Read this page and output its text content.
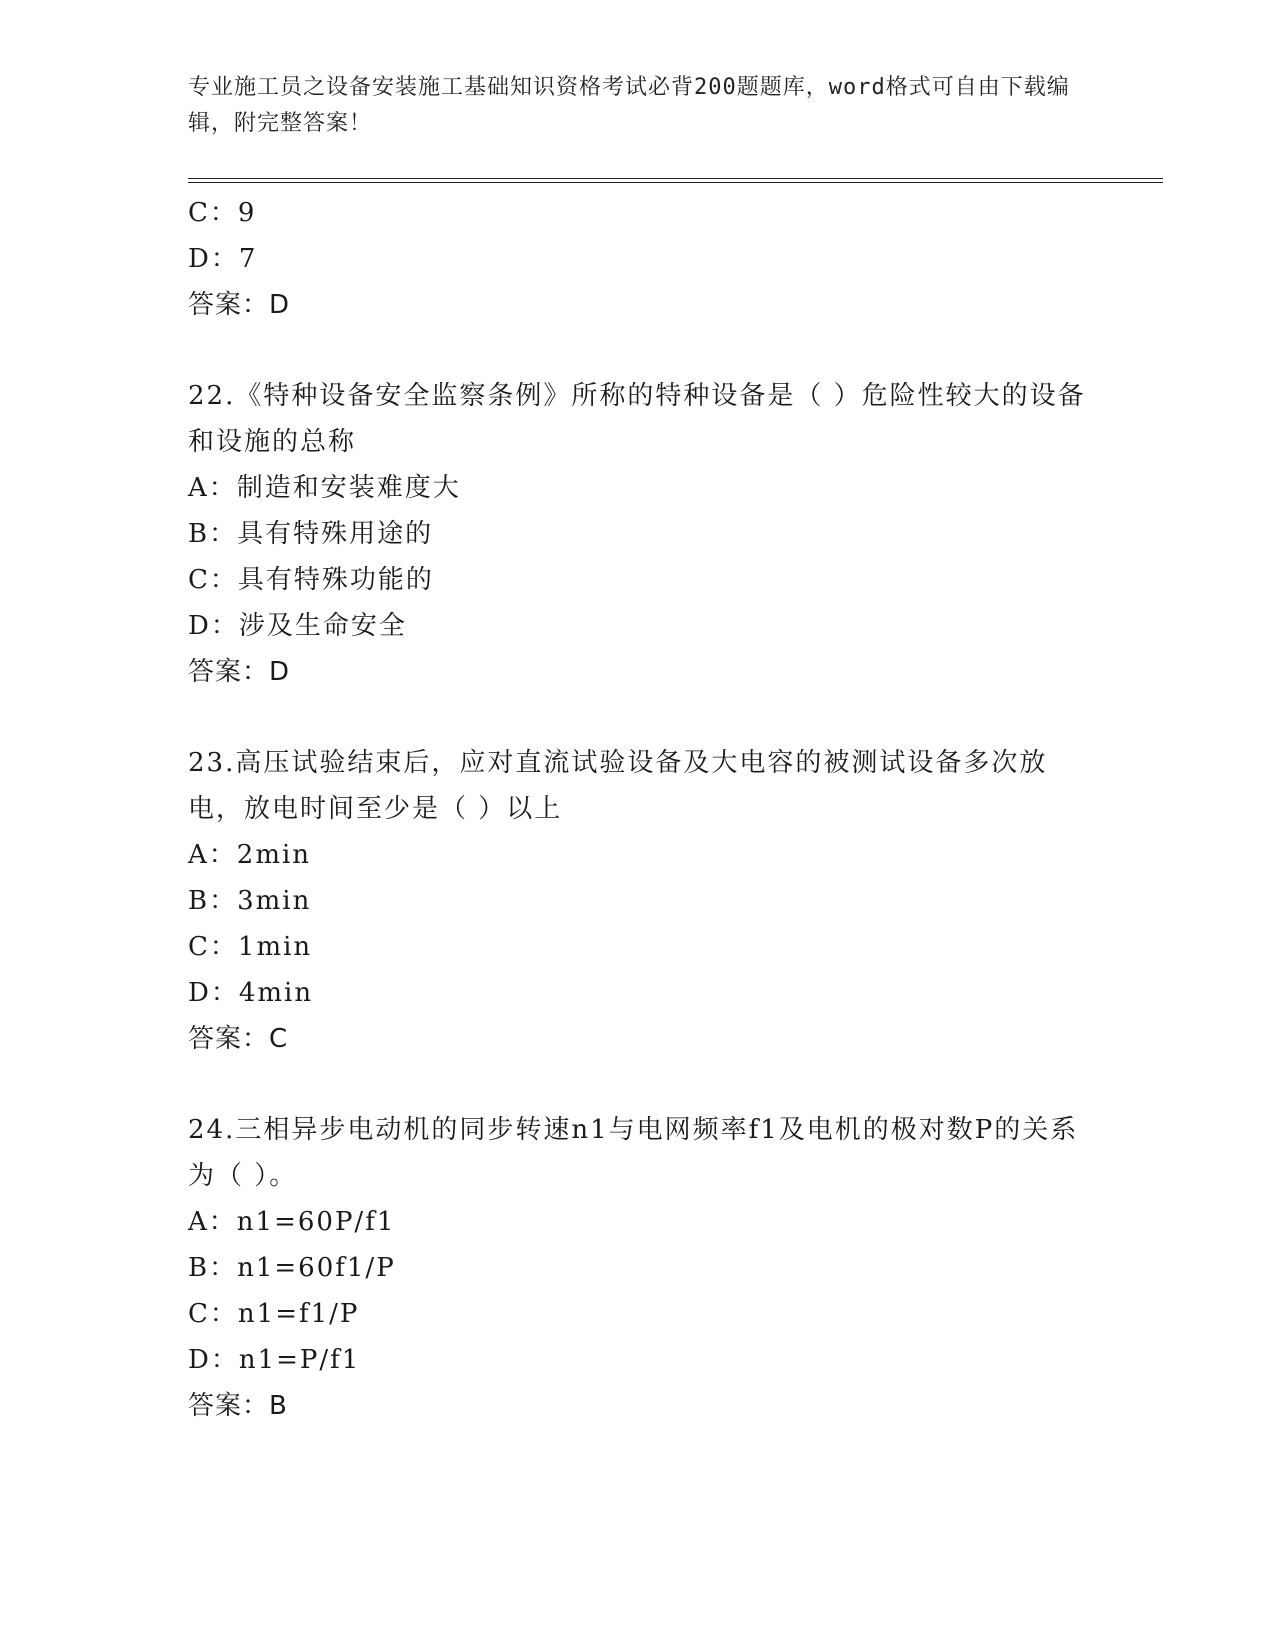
专业施工员之设备安装施工基础知识资格考试必背200题题库，word格式可自由下载编辑，附完整答案！
C：9
D：7
答案：D
22.《特种设备安全监察条例》所称的特种设备是（ ）危险性较大的设备和设施的总称
A：制造和安装难度大
B：具有特殊用途的
C：具有特殊功能的
D：涉及生命安全
答案：D
23.高压试验结束后，应对直流试验设备及大电容的被测试设备多次放电，放电时间至少是（ ）以上
A：2min
B：3min
C：1min
D：4min
答案：C
24.三相异步电动机的同步转速n1与电网频率f1及电机的极对数P的关系为（ ）。
A：n1=60P/f1
B：n1=60f1/P
C：n1=f1/P
D：n1=P/f1
答案：B
